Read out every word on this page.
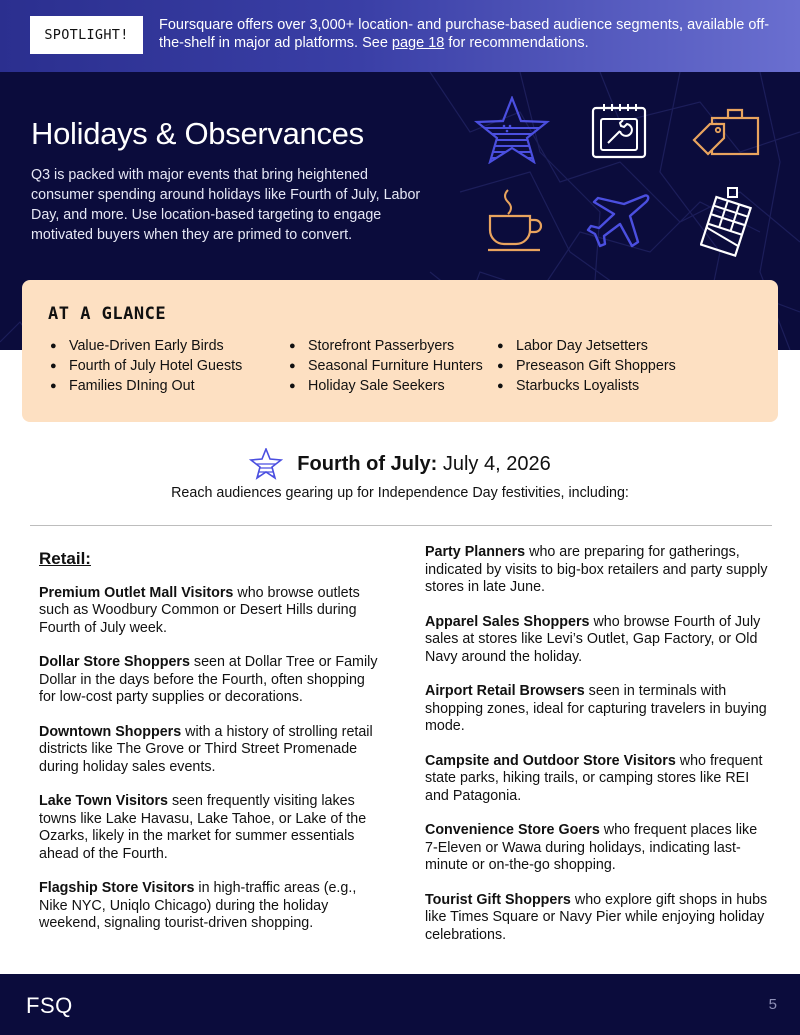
SPOTLIGHT!
Foursquare offers over 3,000+ location- and purchase-based audience segments, available off-the-shelf in major ad platforms. See page 18 for recommendations.
Holidays & Observances

Q3 is packed with major events that bring heightened consumer spending around holidays like Fourth of July, Labor Day, and more. Use location-based targeting to engage motivated buyers when they are primed to convert.

AT A GLANCE
● Value-Driven Early Birds
● Fourth of July Hotel Guests
● Families DIning Out
● Storefront Passerbyers
● Seasonal Furniture Hunters
● Holiday Sale Seekers
● Labor Day Jetsetters
● Preseason Gift Shoppers
● Starbucks Loyalists
Fourth of July: July 4, 2026
Reach audiences gearing up for Independence Day festivities, including:
Retail:
Premium Outlet Mall Visitors who browse outlets such as Woodbury Common or Desert Hills during Fourth of July week.
Dollar Store Shoppers seen at Dollar Tree or Family Dollar in the days before the Fourth, often shopping for low-cost party supplies or decorations.
Downtown Shoppers with a history of strolling retail districts like The Grove or Third Street Promenade during holiday sales events.
Lake Town Visitors seen frequently visiting lakes towns like Lake Havasu, Lake Tahoe, or Lake of the Ozarks, likely in the market for summer essentials ahead of the Fourth.
Flagship Store Visitors in high-traffic areas (e.g., Nike NYC, Uniqlo Chicago) during the holiday weekend, signaling tourist-driven shopping.
Party Planners who are preparing for gatherings, indicated by visits to big-box retailers and party supply stores in late June.
Apparel Sales Shoppers who browse Fourth of July sales at stores like Levi’s Outlet, Gap Factory, or Old Navy around the holiday.
Airport Retail Browsers seen in terminals with shopping zones, ideal for capturing travelers in buying mode.
Campsite and Outdoor Store Visitors who frequent state parks, hiking trails, or camping stores like REI and Patagonia.
Convenience Store Goers who frequent places like 7-Eleven or Wawa during holidays, indicating last-minute or on-the-go shopping.
Tourist Gift Shoppers who explore gift shops in hubs like Times Square or Navy Pier while enjoying holiday celebrations.
FSQ	5
